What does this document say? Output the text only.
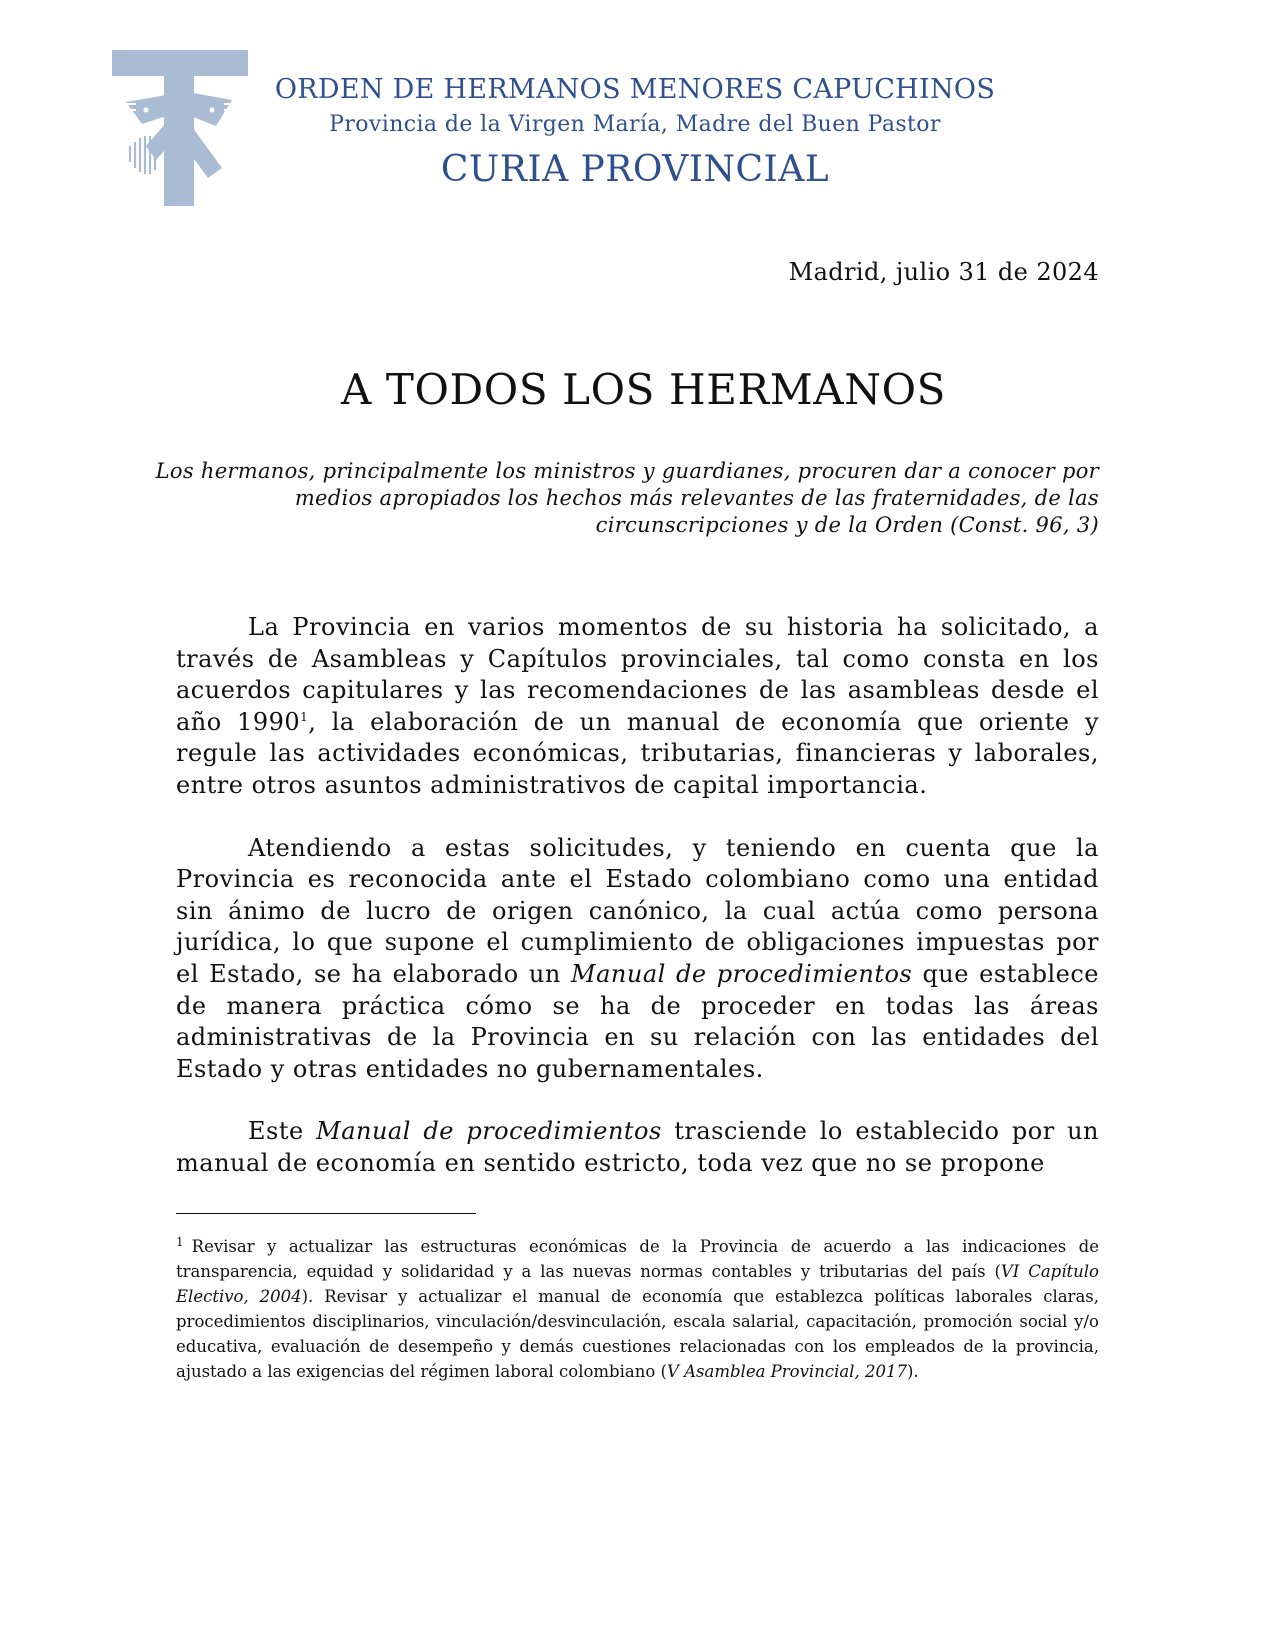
ORDEN DE HERMANOS MENORES CAPUCHINOS
Provincia de la Virgen María, Madre del Buen Pastor
CURIA PROVINCIAL
Madrid, julio 31 de 2024
A TODOS LOS HERMANOS
Los hermanos, principalmente los ministros y guardianes, procuren dar a conocer por medios apropiados los hechos más relevantes de las fraternidades, de las circunscripciones y de la Orden (Const. 96, 3)

La Provincia en varios momentos de su historia ha solicitado, a través de Asambleas y Capítulos provinciales, tal como consta en los acuerdos capitulares y las recomendaciones de las asambleas desde el año 1990$^1$, la elaboración de un manual de economía que oriente y regule las actividades económicas, tributarias, financieras y laborales, entre otros asuntos administrativos de capital importancia.

Atendiendo a estas solicitudes, y teniendo en cuenta que la Provincia es reconocida ante el Estado colombiano como una entidad sin ánimo de lucro de origen canónico, la cual actúa como persona jurídica, lo que supone el cumplimiento de obligaciones impuestas por el Estado, se ha elaborado un Manual de procedimientos que establece de manera práctica cómo se ha de proceder en todas las áreas administrativas de la Provincia en su relación con las entidades del Estado y otras entidades no gubernamentales.

Este Manual de procedimientos trasciende lo establecido por un manual de economía en sentido estricto, toda vez que no se propone

$^1$ Revisar y actualizar las estructuras económicas de la Provincia de acuerdo a las indicaciones de transparencia, equidad y solidaridad y a las nuevas normas contables y tributarias del país (VI Capítulo Electivo, 2004). Revisar y actualizar el manual de economía que establezca políticas laborales claras, procedimientos disciplinarios, vinculación/desvinculación, escala salarial, capacitación, promoción social y/o educativa, evaluación de desempeño y demás cuestiones relacionadas con los empleados de la provincia, ajustado a las exigencias del régimen laboral colombiano (V Asamblea Provincial, 2017).
